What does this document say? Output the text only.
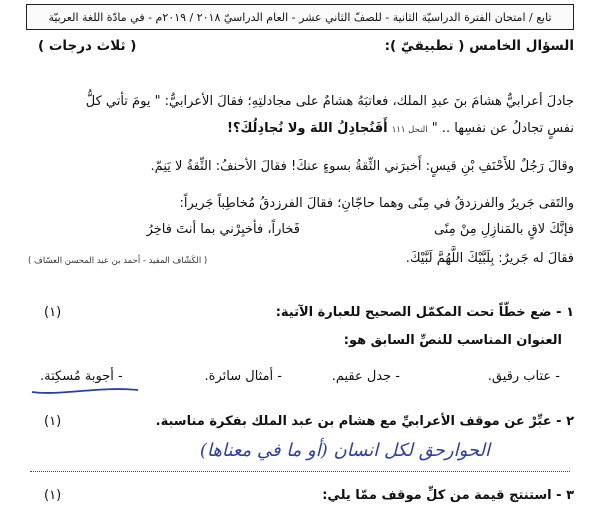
تابع / امتحان الفترة الدراسيّة الثانية - للصفّ الثاني عشر - العام الدراسيّ ٢٠١٨ / ٢٠١٩م - في مادّة اللغة العربيّة
السؤال الخامس ( تطبيقيّ ):
( ثلاث درجات )
جادلَ أعرابيٌّ هشامَ بنَ عبدِ الملك، فعاتبَهُ هشامٌ على مجادلتِهِ؛ فقالَ الأعرابيُّ: " يومَ تأتي كلُّ
نفسٍ تجادلُ عن نفسِها .. " النحل ١١١ أَفَنُجادِلُ اللهَ ولا نُجادِلُكَ؟!
وقالَ رَجُلٌ للأَحْنَفِ بْنِ قيسٍ: أَخبرَني الثِّقةُ بسوءٍ عنكَ! فقالَ الأحنفُ: الثِّقةُ لا يَنِمّ.
والتَقى جَريرٌ والفرزدقُ في مِنًى وهما حاجّانِ؛ فقالَ الفرزدقُ مُخاطِباً جَريراً:
فإنَّكَ لاقٍ بالمَنازِلِ مِنْ مِنًى
فَخاراً، فأخبِرْني بما أنتَ فاخِرُ
فقالَ له جَريرٌ: بِلَبَّيْكَ اللَّهُمَّ لَبَّيْكَ.
( الكَشّاف المفيد - أحمد بن عبد المحسن العسّاف )
١ - ضع خطّاً تحت المكمّل الصحيح للعبارة الآتية:
(١)
العنوان المناسب للنصِّ السابق هو:
- عتاب رقيق.
- جدل عقيم.
- أمثال سائرة.
- أجوبة مُسكِتة.
٢ - عبِّرْ عن موقف الأعرابيِّ مع هشام بن عبد الملك بفكرة مناسبة.
(١)
الحوارحق لكل انسان (أو ما في معناها)
٣ - استنتج قيمة من كلِّ موقف ممّا يلي:
(١)
